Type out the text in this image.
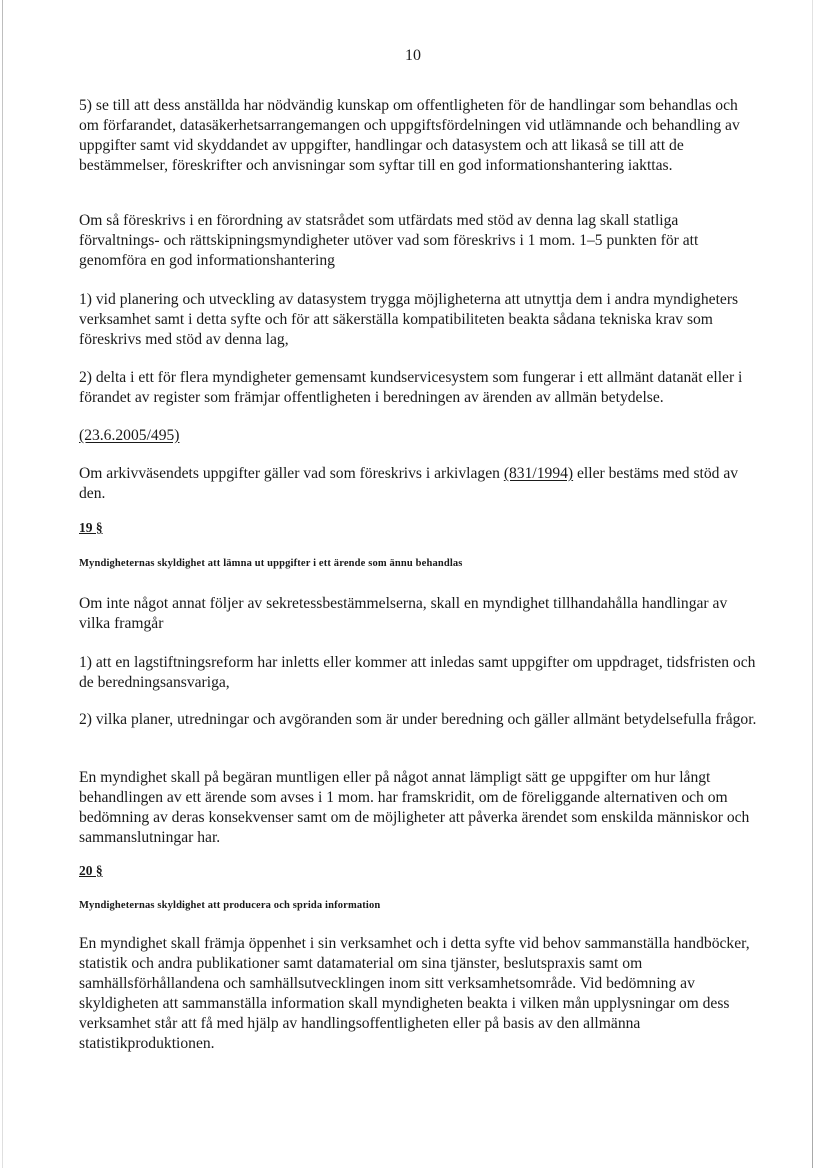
10

5) se till att dess anställda har nödvändig kunskap om offentligheten för de handlingar som behandlas och om förfarandet, datasäkerhetsarrangemangen och uppgiftsfördelningen vid utlämnande och behandling av uppgifter samt vid skyddandet av uppgifter, handlingar och datasystem och att likaså se till att de bestämmelser, föreskrifter och anvisningar som syftar till en god informationshantering iakttas.

Om så föreskrivs i en förordning av statsrådet som utfärdats med stöd av denna lag skall statliga förvaltnings- och rättskipningsmyndigheter utöver vad som föreskrivs i 1 mom. 1–5 punkten för att genomföra en god informationshantering

1) vid planering och utveckling av datasystem trygga möjligheterna att utnyttja dem i andra myndigheters verksamhet samt i detta syfte och för att säkerställa kompatibiliteten beakta sådana tekniska krav som föreskrivs med stöd av denna lag,

2) delta i ett för flera myndigheter gemensamt kundservicesystem som fungerar i ett allmänt datanät eller i förandet av register som främjar offentligheten i beredningen av ärenden av allmän betydelse.

(23.6.2005/495)

Om arkivväsendets uppgifter gäller vad som föreskrivs i arkivlagen (831/1994) eller bestäms med stöd av den.

19 §
Myndigheternas skyldighet att lämna ut uppgifter i ett ärende som ännu behandlas

Om inte något annat följer av sekretessbestämmelserna, skall en myndighet tillhandahålla handlingar av vilka framgår

1) att en lagstiftningsreform har inletts eller kommer att inledas samt uppgifter om uppdraget, tidsfristen och de beredningsansvariga,

2) vilka planer, utredningar och avgöranden som är under beredning och gäller allmänt betydelsefulla frågor.

En myndighet skall på begäran muntligen eller på något annat lämpligt sätt ge uppgifter om hur långt behandlingen av ett ärende som avses i 1 mom. har framskridit, om de föreliggande alternativen och om bedömning av deras konsekvenser samt om de möjligheter att påverka ärendet som enskilda människor och sammanslutningar har.

20 §
Myndigheternas skyldighet att producera och sprida information

En myndighet skall främja öppenhet i sin verksamhet och i detta syfte vid behov sammanställa handböcker, statistik och andra publikationer samt datamaterial om sina tjänster, beslutspraxis samt om samhällsförhållandena och samhällsutvecklingen inom sitt verksamhetsområde. Vid bedömning av skyldigheten att sammanställa information skall myndigheten beakta i vilken mån upplysningar om dess verksamhet står att få med hjälp av handlingsoffentligheten eller på basis av den allmänna statistikproduktionen.
